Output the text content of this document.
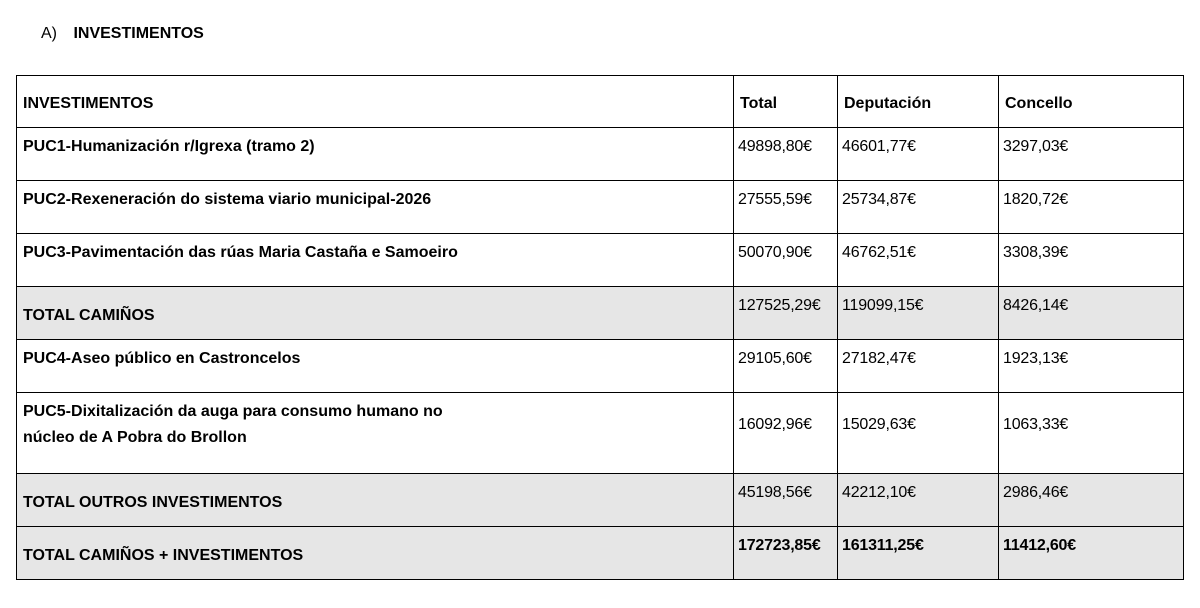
A) INVESTIMENTOS
INVESTIMENTOS	Total	Deputación	Concello
PUC1-Humanización r/Igrexa (tramo 2)	49898,80€	46601,77€	3297,03€
PUC2-Rexeneración do sistema viario municipal-2026	27555,59€	25734,87€	1820,72€
PUC3-Pavimentación das rúas Maria Castaña e Samoeiro	50070,90€	46762,51€	3308,39€
TOTAL CAMIÑOS	127525,29€	119099,15€	8426,14€
PUC4-Aseo público en Castroncelos	29105,60€	27182,47€	1923,13€

PUC5-Dixitalización da auga para consumo humano no
núcleo de A Pobra do Brollon	16092,96€	15029,63€	1063,33€
TOTAL OUTROS INVESTIMENTOS	45198,56€	42212,10€	2986,46€
TOTAL CAMIÑOS + INVESTIMENTOS	172723,85€	161311,25€	11412,60€
